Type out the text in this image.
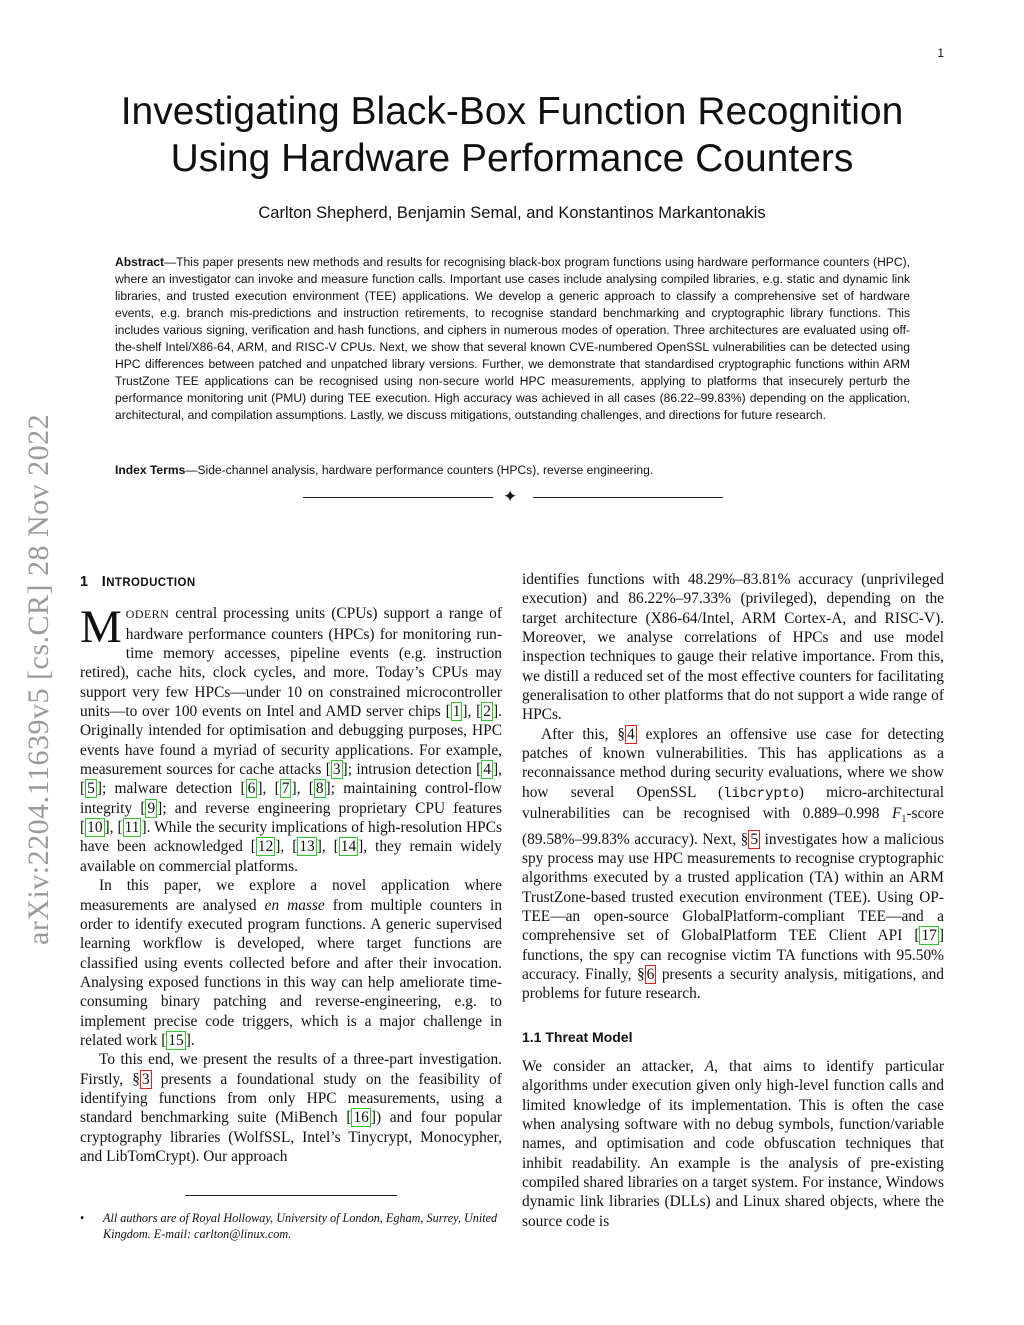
1
arXiv:2204.11639v5 [cs.CR] 28 Nov 2022
Investigating Black-Box Function Recognition
Using Hardware Performance Counters
Carlton Shepherd, Benjamin Semal, and Konstantinos Markantonakis

Abstract—This paper presents new methods and results for recognising black-box program functions using hardware performance counters (HPC), where an investigator can invoke and measure function calls. Important use cases include analysing compiled libraries, e.g. static and dynamic link libraries, and trusted execution environment (TEE) applications. We develop a generic approach to classify a comprehensive set of hardware events, e.g. branch mis-predictions and instruction retirements, to recognise standard benchmarking and cryptographic library functions. This includes various signing, verification and hash functions, and ciphers in numerous modes of operation. Three architectures are evaluated using off-the-shelf Intel/X86-64, ARM, and RISC-V CPUs. Next, we show that several known CVE-numbered OpenSSL vulnerabilities can be detected using HPC differences between patched and unpatched library versions. Further, we demonstrate that standardised cryptographic functions within ARM TrustZone TEE applications can be recognised using non-secure world HPC measurements, applying to platforms that insecurely perturb the performance monitoring unit (PMU) during TEE execution. High accuracy was achieved in all cases (86.22–99.83%) depending on the application, architectural, and compilation assumptions. Lastly, we discuss mitigations, outstanding challenges, and directions for future research.

Index Terms—Side-channel analysis, hardware performance counters (HPCs), reverse engineering.
✦
1 INTRODUCTION

MODERN central processing units (CPUs) support a range of hardware performance counters (HPCs) for monitoring run-time memory accesses, pipeline events (e.g. instruction retired), cache hits, clock cycles, and more. Today’s CPUs may support very few HPCs—under 10 on constrained microcontroller units—to over 100 events on Intel and AMD server chips [ 1 ], [ 2 ]. Originally intended for optimisation and debugging purposes, HPC events have found a myriad of security applications. For example, measurement sources for cache attacks [ 3 ]; intrusion detection [ 4 ], [ 5 ]; malware detection [ 6 ], [ 7 ], [ 8 ]; maintaining control-flow integrity [ 9 ]; and reverse engineering proprietary CPU features [ 10 ], [ 11 ]. While the security implications of high-resolution HPCs have been acknowledged [ 12 ], [ 13 ], [ 14 ], they remain widely available on commercial platforms.

In this paper, we explore a novel application where measurements are analysed en masse from multiple counters in order to identify executed program functions. A generic supervised learning workflow is developed, where target functions are classified using events collected before and after their invocation. Analysing exposed functions in this way can help ameliorate time-consuming binary patching and reverse-engineering, e.g. to implement precise code triggers, which is a major challenge in related work [ 15 ].

To this end, we present the results of a three-part investigation. Firstly, § 3 presents a foundational study on the feasibility of identifying functions from only HPC measurements, using a standard benchmarking suite (MiBench [ 16 ]) and four popular cryptography libraries (WolfSSL, Intel’s Tinycrypt, Monocypher, and LibTomCrypt). Our approach

identifies functions with 48.29%–83.81% accuracy (unprivileged execution) and 86.22%–97.33% (privileged), depending on the target architecture (X86-64/Intel, ARM Cortex-A, and RISC-V). Moreover, we analyse correlations of HPCs and use model inspection techniques to gauge their relative importance. From this, we distill a reduced set of the most effective counters for facilitating generalisation to other platforms that do not support a wide range of HPCs.

After this, § 4 explores an offensive use case for detecting patches of known vulnerabilities. This has applications as a reconnaissance method during security evaluations, where we show how several OpenSSL (libcrypto) micro-architectural vulnerabilities can be recognised with 0.889–0.998 $F_1$-score (89.58%–99.83% accuracy). Next, § 5 investigates how a malicious spy process may use HPC measurements to recognise cryptographic algorithms executed by a trusted application (TA) within an ARM TrustZone-based trusted execution environment (TEE). Using OP-TEE—an open-source GlobalPlatform-compliant TEE—and a comprehensive set of GlobalPlatform TEE Client API [ 17 ] functions, the spy can recognise victim TA functions with 95.50% accuracy. Finally, § 6 presents a security analysis, mitigations, and problems for future research.

1.1 Threat Model

We consider an attacker, A, that aims to identify particular algorithms under execution given only high-level function calls and limited knowledge of its implementation. This is often the case when analysing software with no debug symbols, function/variable names, and optimisation and code obfuscation techniques that inhibit readability. An example is the analysis of pre-existing compiled shared libraries on a target system. For instance, Windows dynamic link libraries (DLLs) and Linux shared objects, where the source code is

•	All authors are of Royal Holloway, University of London, Egham, Surrey, United Kingdom. E-mail: carlton@linux.com.
